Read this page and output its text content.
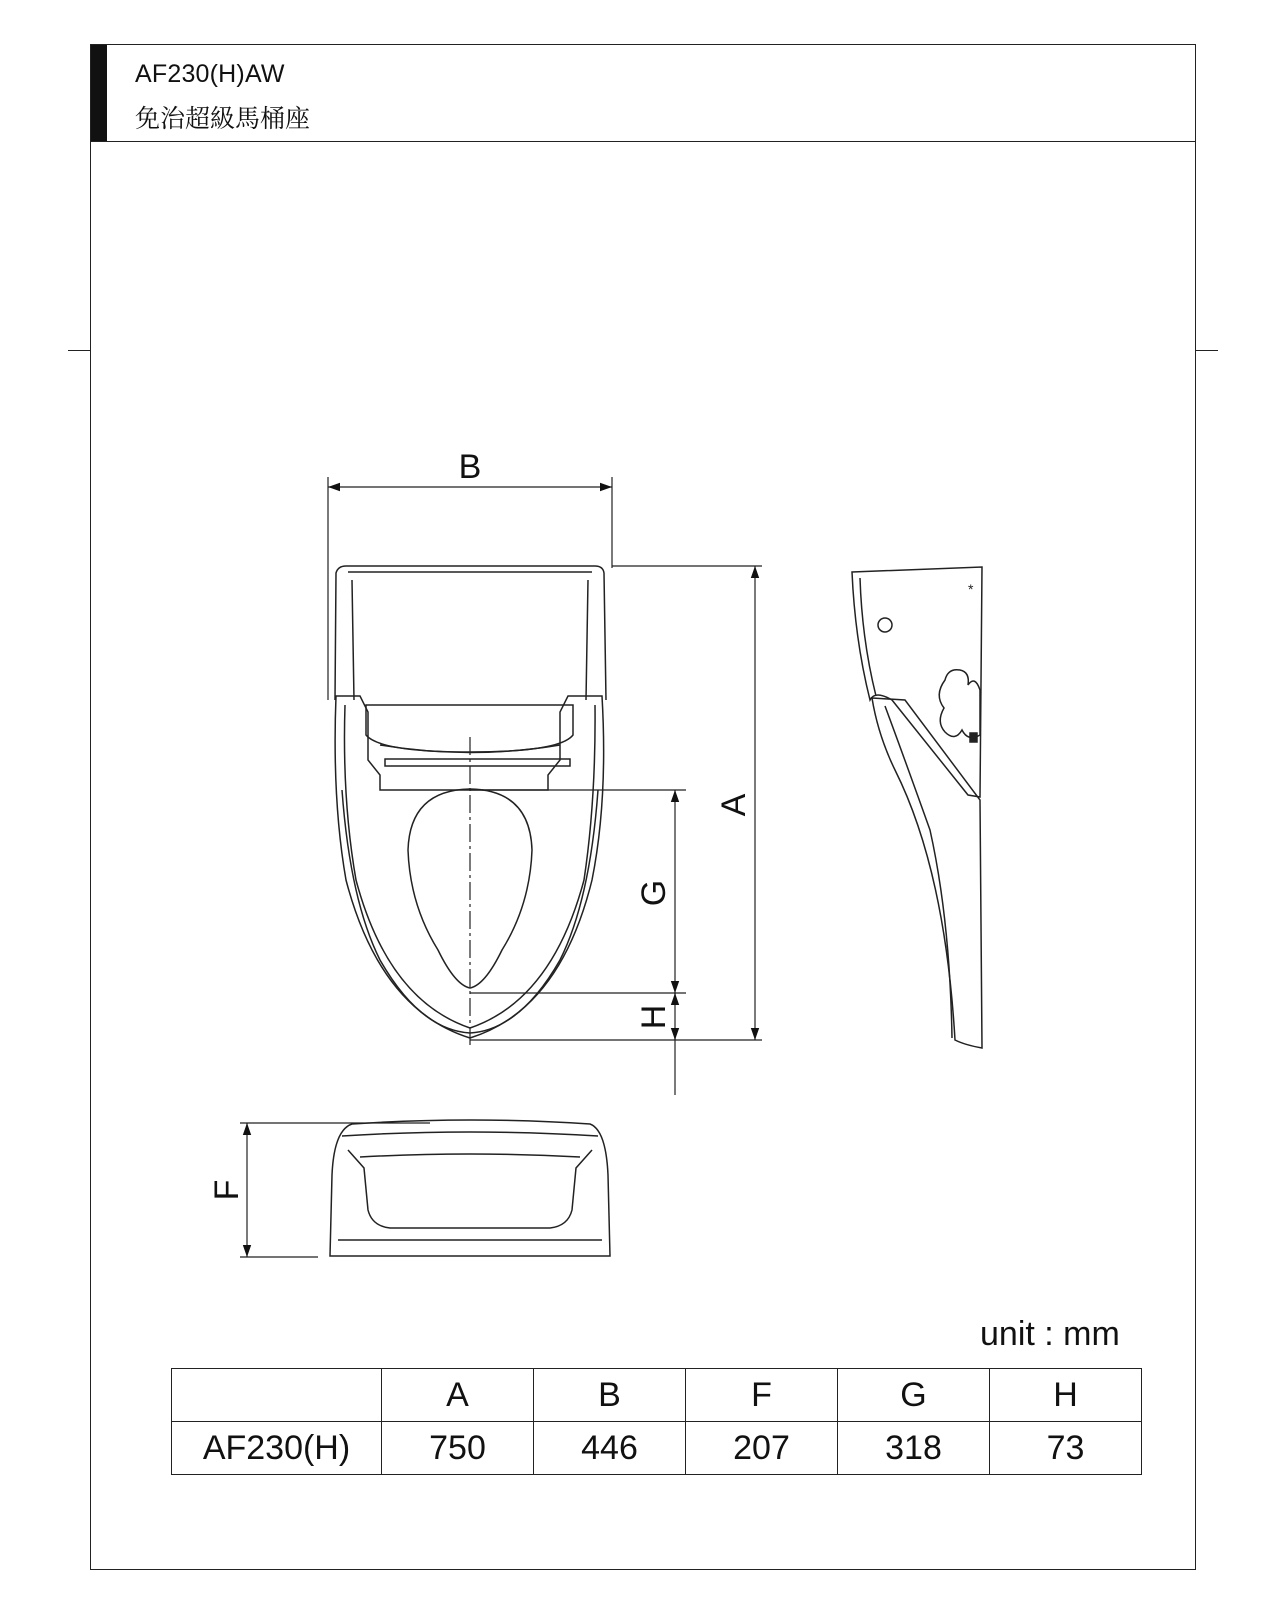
AF230(H)AW
免治超級馬桶座
B
A
G
H
*
F
unit : mm
	A	B	F	G	H
AF230(H)	750	446	207	318	73
